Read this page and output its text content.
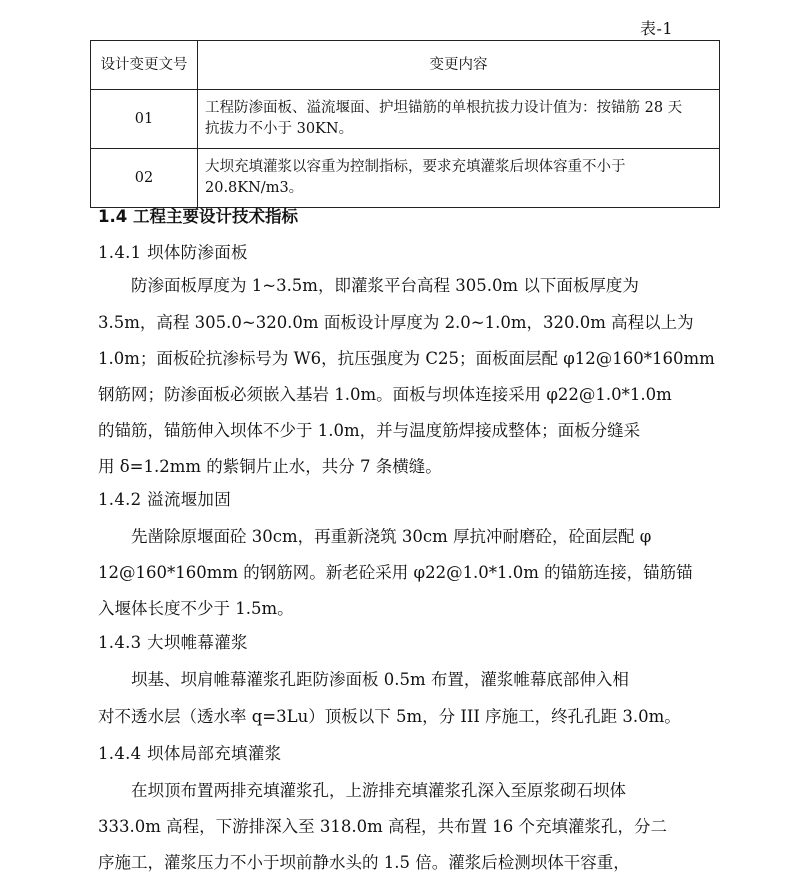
表-1
设计变更文号	变更内容
01	工程防渗面板、溢流堰面、护坦锚筋的单根抗拔力设计值为：按锚筋 28 天
抗拔力不小于 30KN。

02	大坝充填灌浆以容重为控制指标，要求充填灌浆后坝体容重不小于
20.8KN/m3。
1.4 工程主要设计技术指标
1.4.1 坝体防渗面板
防渗面板厚度为 1~3.5m，即灌浆平台高程 305.0m 以下面板厚度为
3.5m，高程 305.0~320.0m 面板设计厚度为 2.0~1.0m，320.0m 高程以上为
1.0m；面板砼抗渗标号为 W6，抗压强度为 C25；面板面层配 φ12@160*160mm
钢筋网；防渗面板必须嵌入基岩 1.0m。面板与坝体连接采用 φ22@1.0*1.0m
的锚筋，锚筋伸入坝体不少于 1.0m，并与温度筋焊接成整体；面板分缝采
用 δ=1.2mm 的紫铜片止水，共分 7 条横缝。
1.4.2 溢流堰加固
先凿除原堰面砼 30cm，再重新浇筑 30cm 厚抗冲耐磨砼，砼面层配 φ
12@160*160mm 的钢筋网。新老砼采用 φ22@1.0*1.0m 的锚筋连接，锚筋锚
入堰体长度不少于 1.5m。
1.4.3 大坝帷幕灌浆
坝基、坝肩帷幕灌浆孔距防渗面板 0.5m 布置，灌浆帷幕底部伸入相
对不透水层（透水率 q=3Lu）顶板以下 5m，分 III 序施工，终孔孔距 3.0m。
1.4.4 坝体局部充填灌浆
在坝顶布置两排充填灌浆孔，上游排充填灌浆孔深入至原浆砌石坝体
333.0m 高程，下游排深入至 318.0m 高程，共布置 16 个充填灌浆孔，分二
序施工，灌浆压力不小于坝前静水头的 1.5 倍。灌浆后检测坝体干容重，
